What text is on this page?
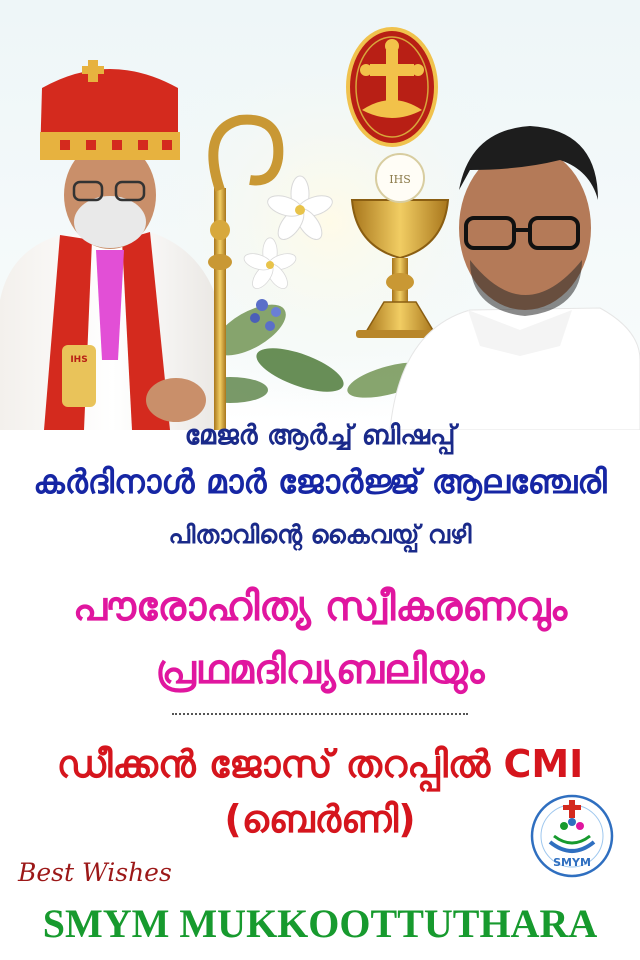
IHS
IHS
മേജർ ആർച്ച് ബിഷപ്പ്
കർദിനാൾ മാർ ജോർജ്ജ് ആലഞ്ചേരി
പിതാവിന്റെ കൈവയ്പ് വഴി
പൗരോഹിത്യ സ്വീകരണവും
പ്രഥമദിവ്യബലിയും
ഡീക്കൻ ജോസ് തറപ്പിൽ CMI
(ബെർണി)
SMYM
Best Wishes
SMYM MUKKOOTTUTHARA
